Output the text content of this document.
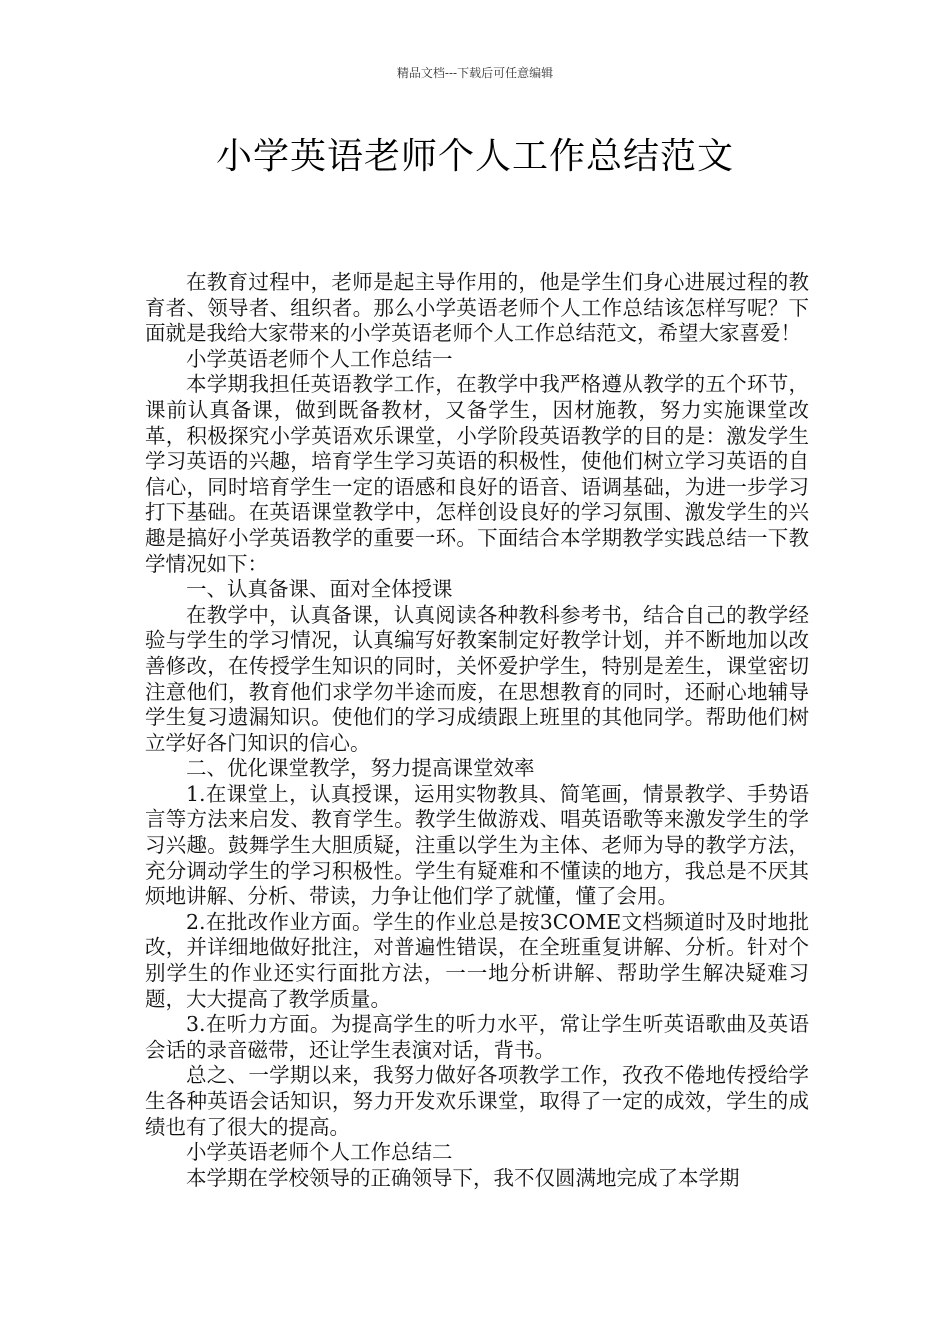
精品文档---下载后可任意编辑
小学英语老师个人工作总结范文

在教育过程中，老师是起主导作用的，他是学生们身心进展过程的教育者、领导者、组织者。那么小学英语老师个人工作总结该怎样写呢？下面就是我给大家带来的小学英语老师个人工作总结范文，希望大家喜爱！

小学英语老师个人工作总结一

本学期我担任英语教学工作，在教学中我严格遵从教学的五个环节，课前认真备课，做到既备教材，又备学生，因材施教，努力实施课堂改革，积极探究小学英语欢乐课堂，小学阶段英语教学的目的是：激发学生学习英语的兴趣，培育学生学习英语的积极性，使他们树立学习英语的自信心，同时培育学生一定的语感和良好的语音、语调基础，为进一步学习打下基础。在英语课堂教学中，怎样创设良好的学习氛围、激发学生的兴趣是搞好小学英语教学的重要一环。下面结合本学期教学实践总结一下教学情况如下：

一、认真备课、面对全体授课

在教学中，认真备课，认真阅读各种教科参考书，结合自己的教学经验与学生的学习情况，认真编写好教案制定好教学计划，并不断地加以改善修改，在传授学生知识的同时，关怀爱护学生，特别是差生，课堂密切注意他们，教育他们求学勿半途而废，在思想教育的同时，还耐心地辅导学生复习遗漏知识。使他们的学习成绩跟上班里的其他同学。帮助他们树立学好各门知识的信心。

二、优化课堂教学，努力提高课堂效率

1.在课堂上，认真授课，运用实物教具、简笔画，情景教学、手势语言等方法来启发、教育学生。教学生做游戏、唱英语歌等来激发学生的学习兴趣。鼓舞学生大胆质疑，注重以学生为主体、老师为导的教学方法，充分调动学生的学习积极性。学生有疑难和不懂读的地方，我总是不厌其烦地讲解、分析、带读，力争让他们学了就懂，懂了会用。

2.在批改作业方面。学生的作业总是按3COME文档频道时及时地批改，并详细地做好批注，对普遍性错误，在全班重复讲解、分析。针对个别学生的作业还实行面批方法，一一地分析讲解、帮助学生解决疑难习题，大大提高了教学质量。

3.在听力方面。为提高学生的听力水平，常让学生听英语歌曲及英语会话的录音磁带，还让学生表演对话，背书。

总之、一学期以来，我努力做好各项教学工作，孜孜不倦地传授给学生各种英语会话知识，努力开发欢乐课堂，取得了一定的成效，学生的成绩也有了很大的提高。

小学英语老师个人工作总结二

本学期在学校领导的正确领导下，我不仅圆满地完成了本学期
